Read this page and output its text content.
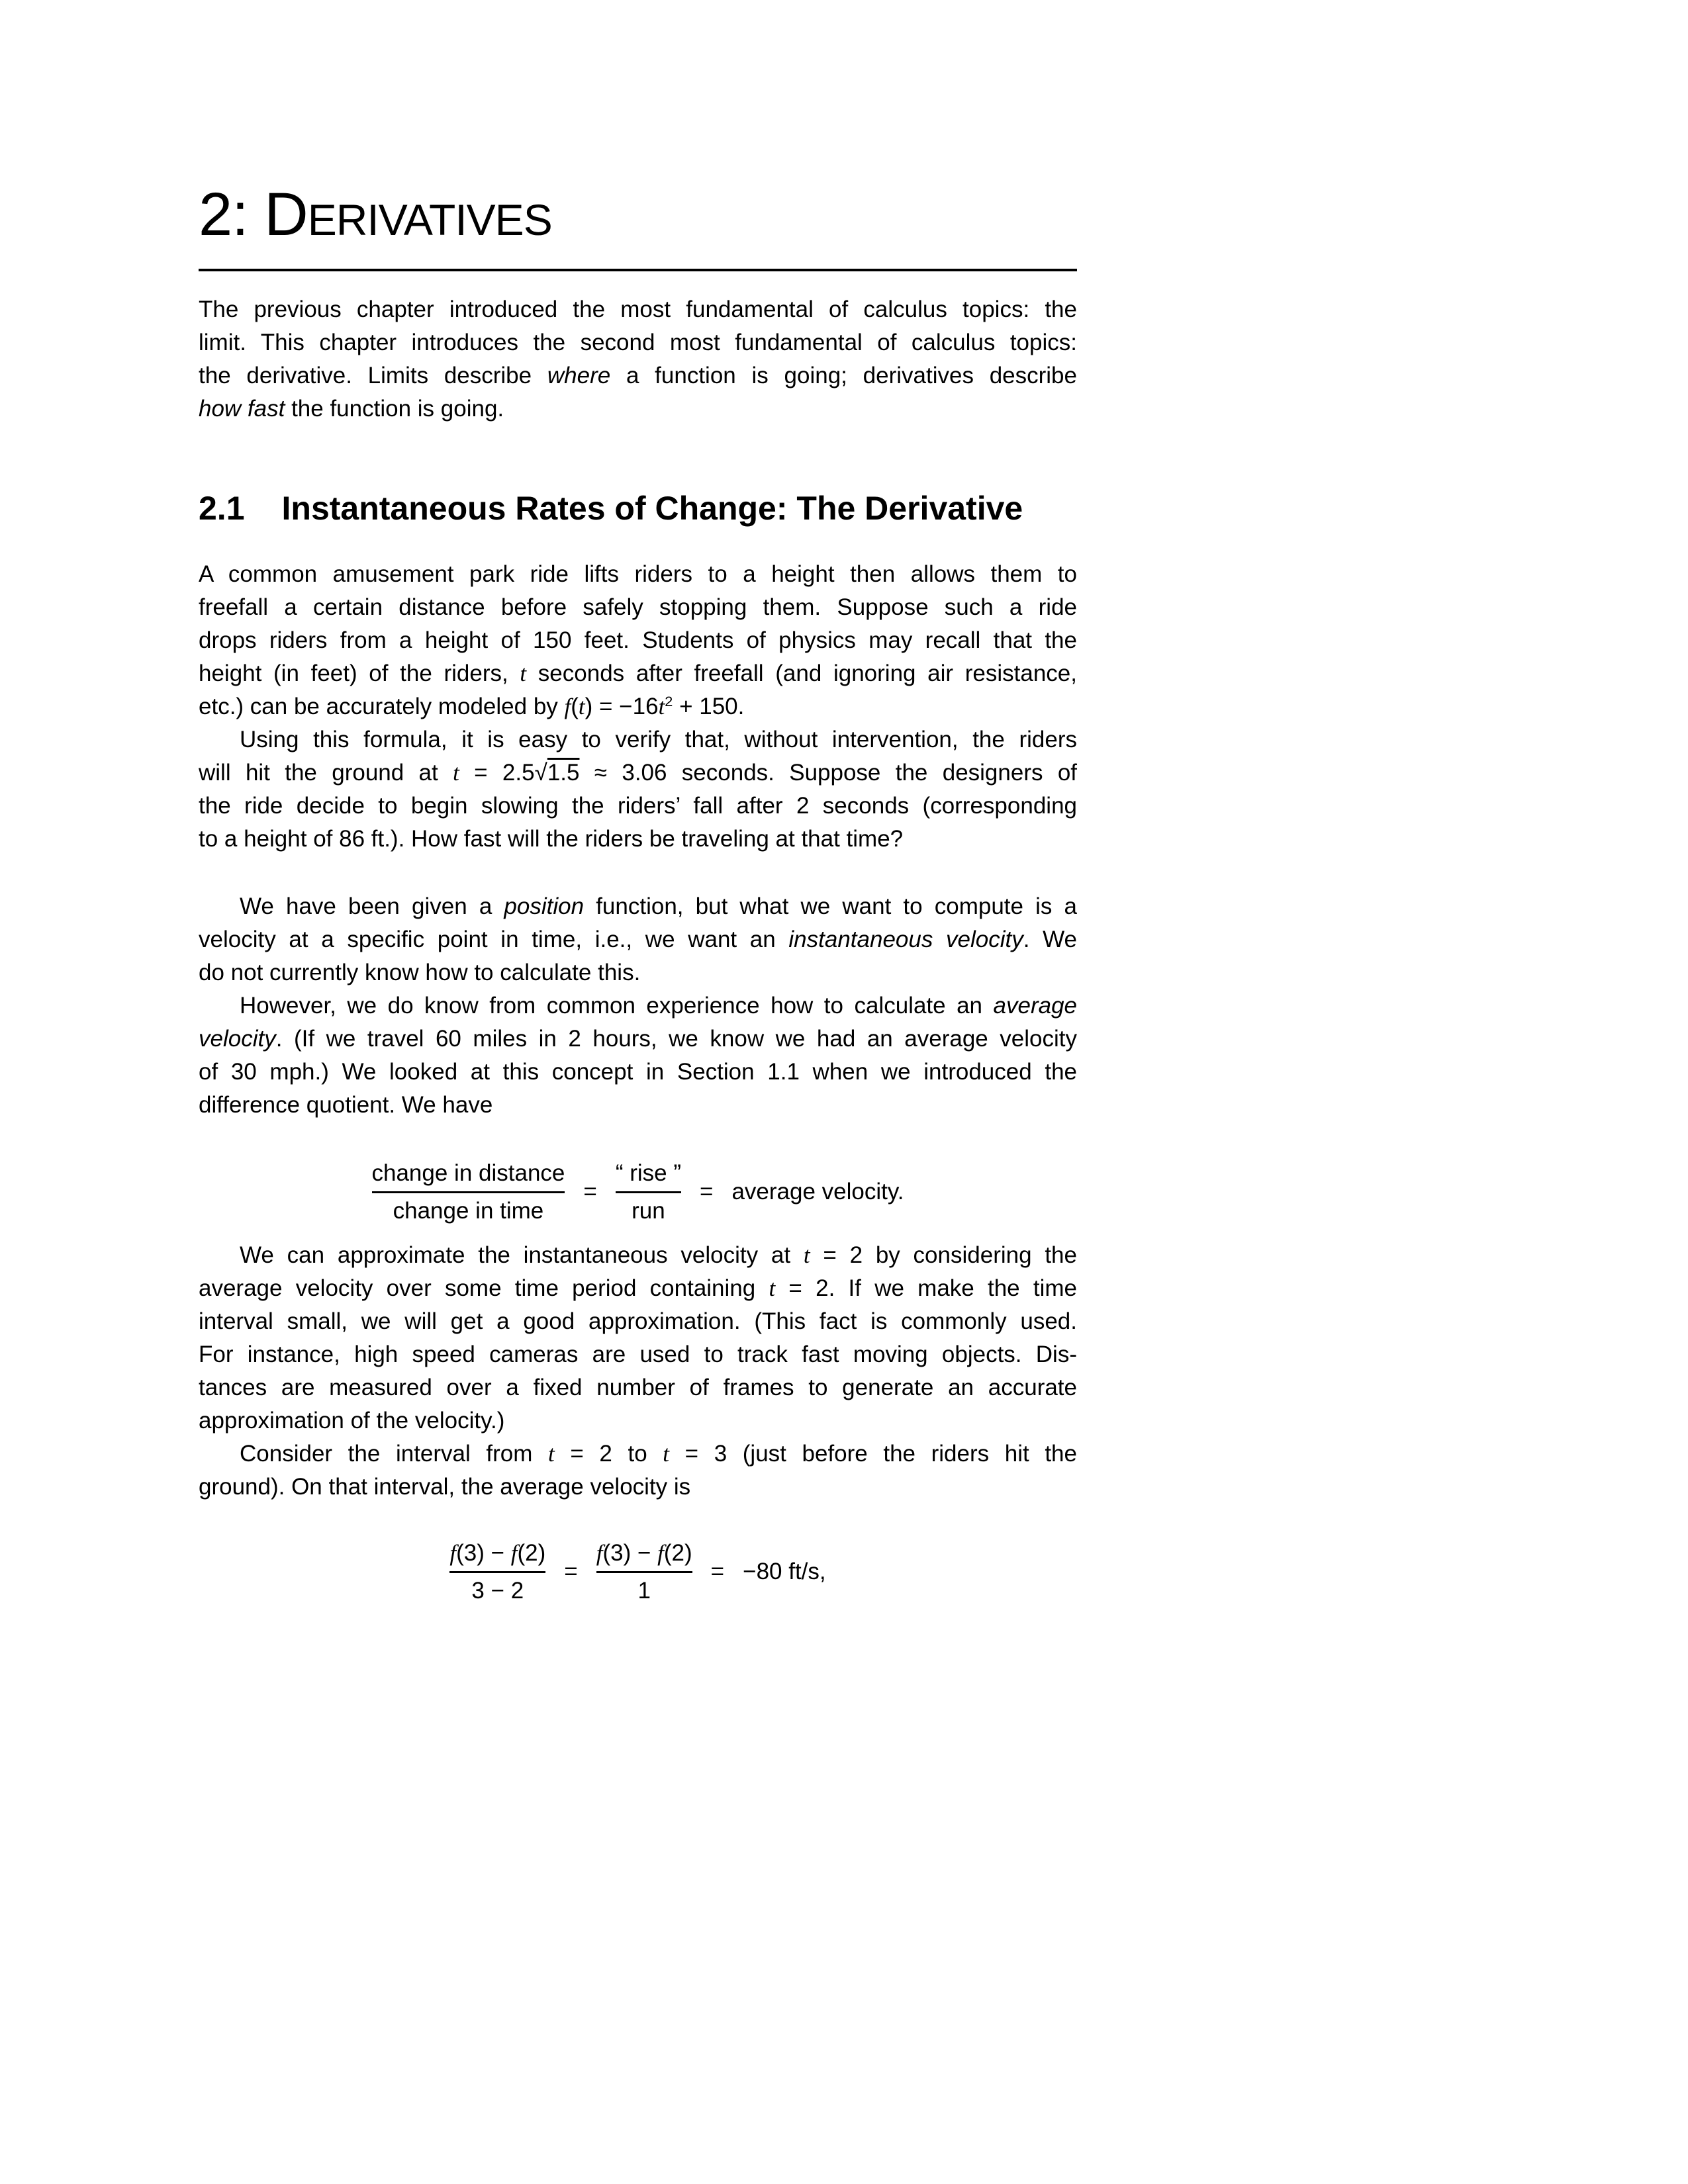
2: DERIVATIVES
The previous chapter introduced the most fundamental of calculus topics: the
limit. This chapter introduces the second most fundamental of calculus topics:
the derivative. Limits describe where a function is going; derivatives describe
how fast the function is going.
2.1 Instantaneous Rates of Change: The Derivative
A common amusement park ride lifts riders to a height then allows them to
freefall a certain distance before safely stopping them. Suppose such a ride
drops riders from a height of 150 feet. Students of physics may recall that the
height (in feet) of the riders, t seconds after freefall (and ignoring air resistance,
etc.) can be accurately modeled by $f(t) = -16t^2 + 150$.
Using this formula, it is easy to verify that, without intervention, the riders
will hit the ground at t = 2.5√1.5 ≈ 3.06 seconds. Suppose the designers of
the ride decide to begin slowing the riders’ fall after 2 seconds (corresponding
to a height of 86 ft.). How fast will the riders be traveling at that time?
We have been given a position function, but what we want to compute is a
velocity at a specific point in time, i.e., we want an instantaneous velocity. We
do not currently know how to calculate this.
However, we do know from common experience how to calculate an average
velocity. (If we travel 60 miles in 2 hours, we know we had an average velocity
of 30 mph.) We looked at this concept in Section 1.1 when we introduced the
difference quotient. We have
$\frac{\text{change in distance}}{\text{change in time}} = \frac{\text{“ rise ”}}{\text{run}}$ = average velocity.
We can approximate the instantaneous velocity at t = 2 by considering the
average velocity over some time period containing t = 2. If we make the time
interval small, we will get a good approximation. (This fact is commonly used.
For instance, high speed cameras are used to track fast moving objects. Dis-
tances are measured over a fixed number of frames to generate an accurate
approximation of the velocity.)
Consider the interval from t = 2 to t = 3 (just before the riders hit the
ground). On that interval, the average velocity is
$\frac{f(3) - f(2)}{3 - 2} = \frac{f(3) - f(2)}{1} = -80$ ft/s,
